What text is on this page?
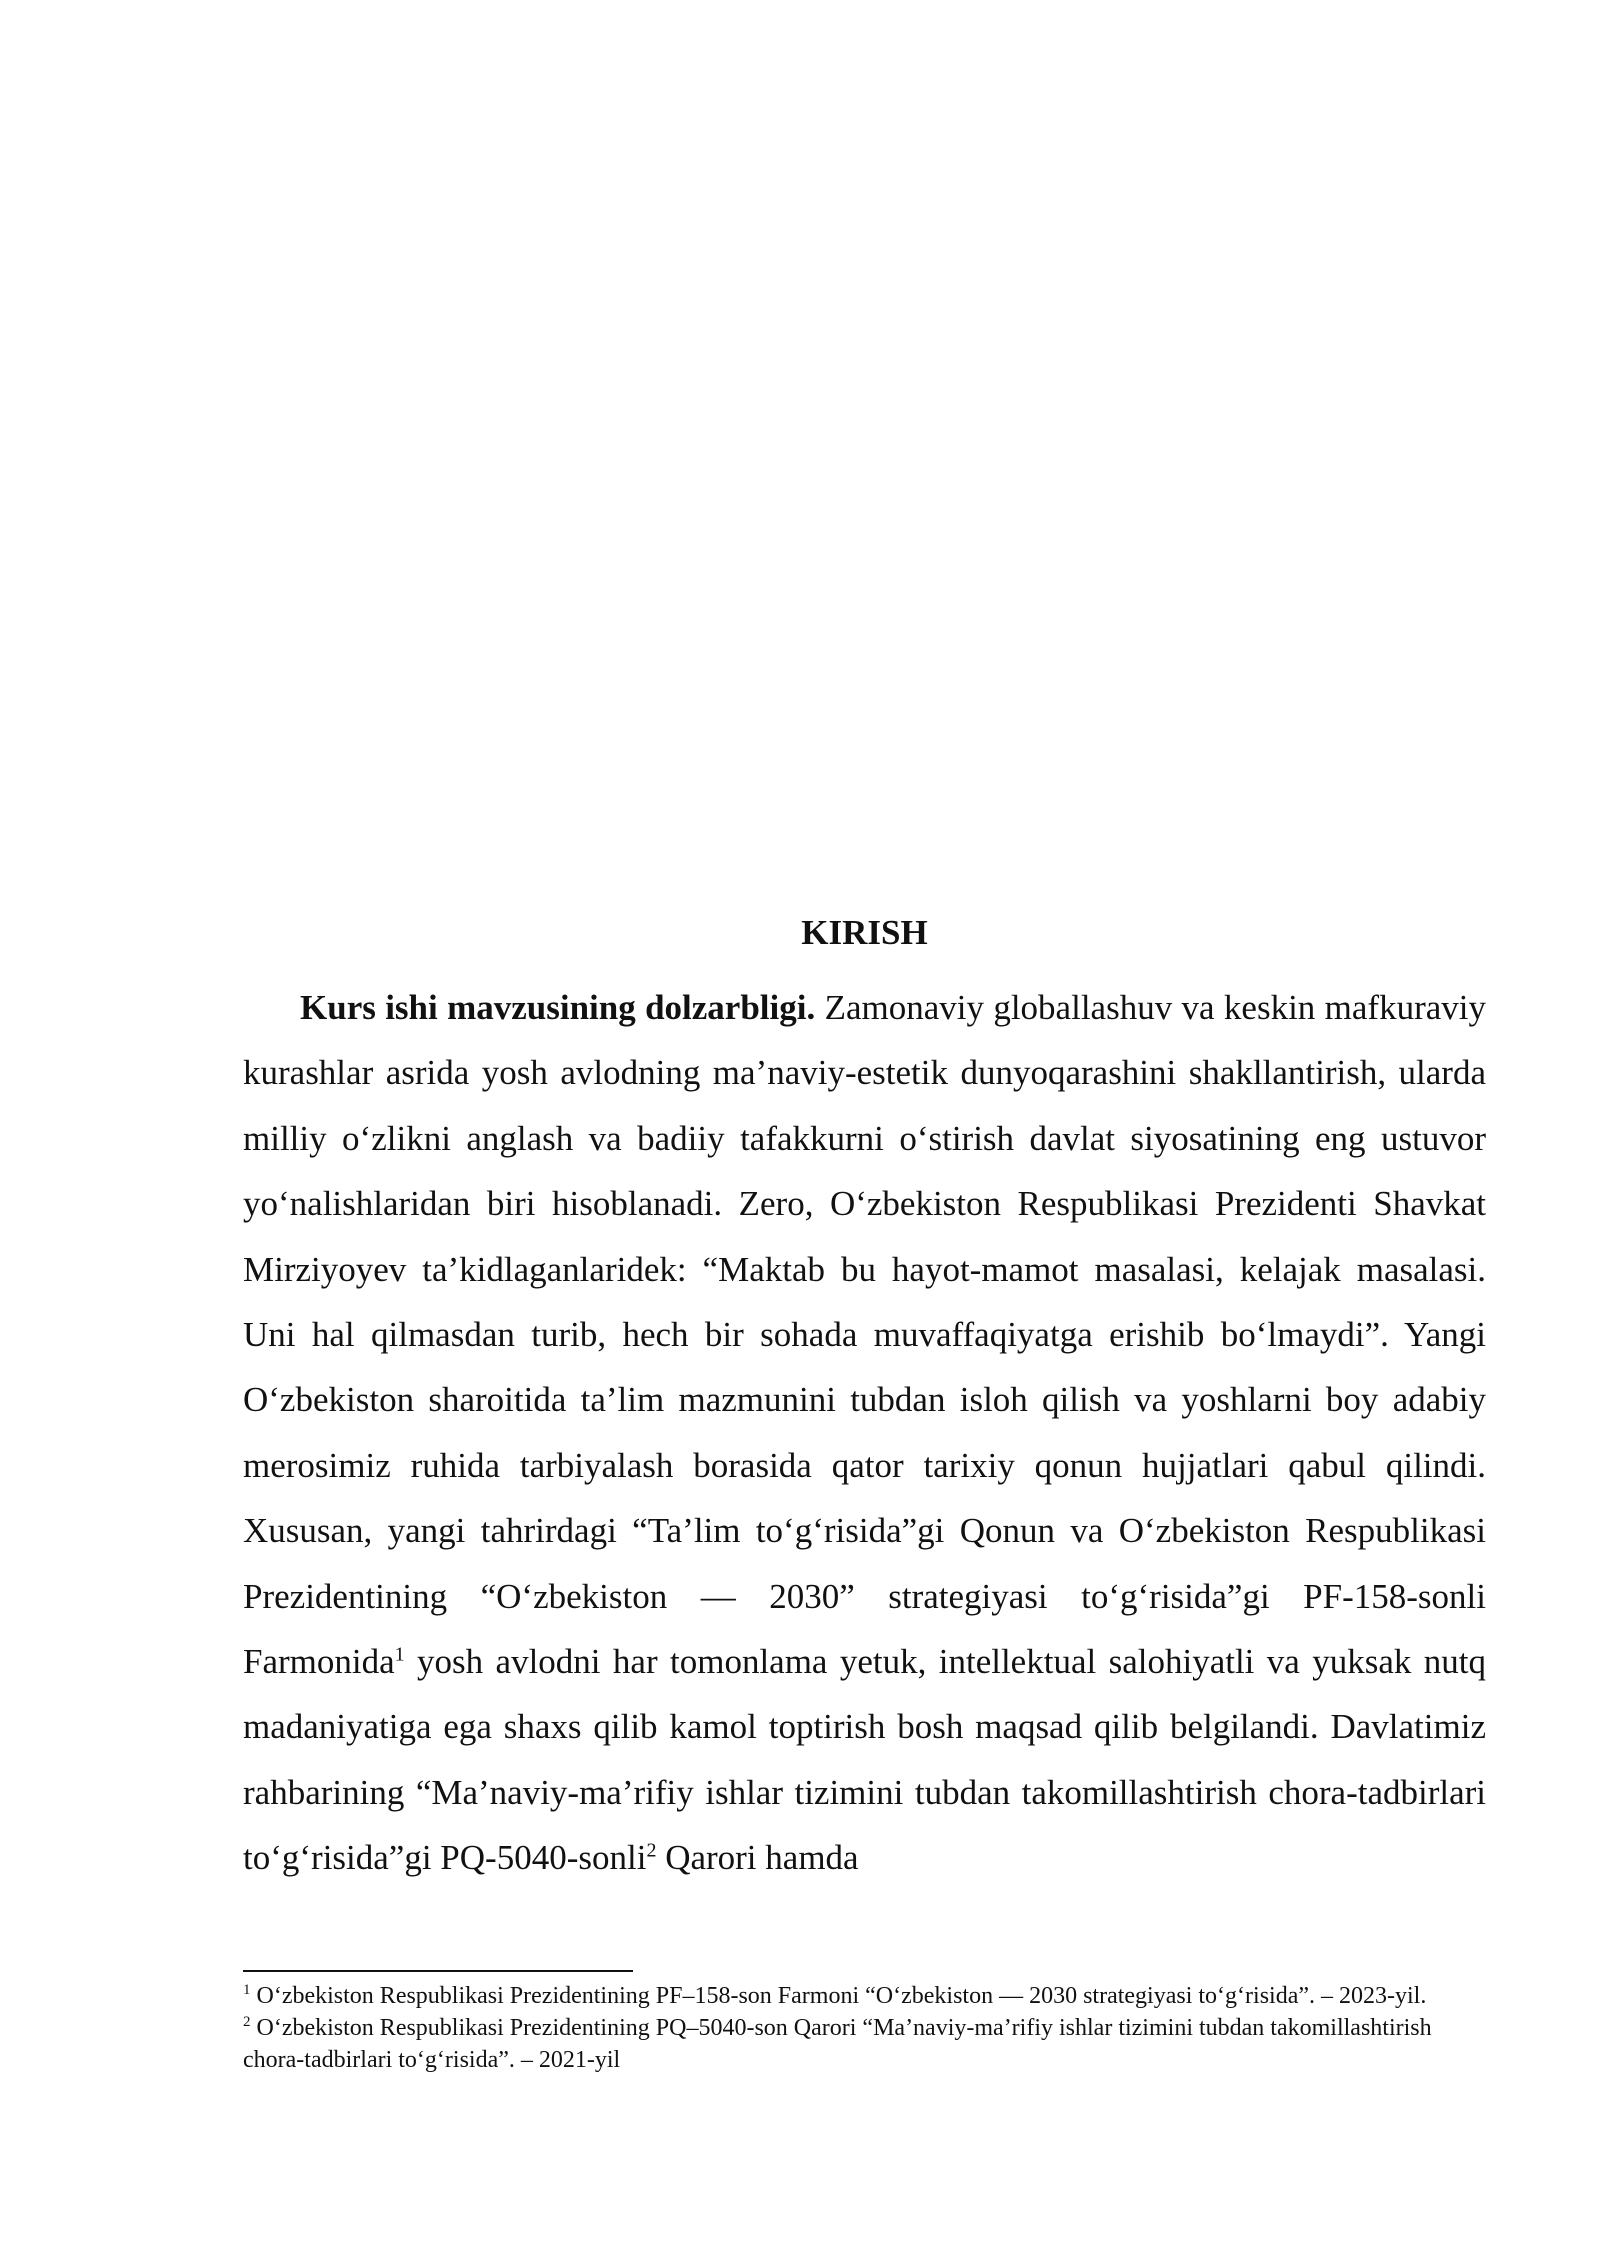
KIRISH

Kurs ishi mavzusining dolzarbligi. Zamonaviy globallashuv va keskin mafkuraviy kurashlar asrida yosh avlodning ma’naviy-estetik dunyoqarashini shakllantirish, ularda milliy o‘zlikni anglash va badiiy tafakkurni o‘stirish davlat siyosatining eng ustuvor yo‘nalishlaridan biri hisoblanadi. Zero, O‘zbekiston Respublikasi Prezidenti Shavkat Mirziyoyev ta’kidlaganlaridek: “Maktab bu hayot-mamot masalasi, kelajak masalasi. Uni hal qilmasdan turib, hech bir sohada muvaffaqiyatga erishib bo‘lmaydi”. Yangi O‘zbekiston sharoitida ta’lim mazmunini tubdan isloh qilish va yoshlarni boy adabiy merosimiz ruhida tarbiyalash borasida qator tarixiy qonun hujjatlari qabul qilindi. Xususan, yangi tahrirdagi “Ta’lim to‘g‘risida”gi Qonun va O‘zbekiston Respublikasi Prezidentining “O‘zbekiston — 2030” strategiyasi to‘g‘risida”gi PF-158-sonli Farmonida$^1$ yosh avlodni har tomonlama yetuk, intellektual salohiyatli va yuksak nutq madaniyatiga ega shaxs qilib kamol toptirish bosh maqsad qilib belgilandi. Davlatimiz rahbarining “Ma’naviy-ma’rifiy ishlar tizimini tubdan takomillashtirish chora-tadbirlari to‘g‘risida”gi PQ-5040-sonli$^2$ Qarori hamda

$^1$ O‘zbekiston Respublikasi Prezidentining PF–158-son Farmoni “O‘zbekiston — 2030 strategiyasi to‘g‘risida”. – 2023-yil.

$^2$ O‘zbekiston Respublikasi Prezidentining PQ–5040-son Qarori “Ma’naviy-ma’rifiy ishlar tizimini tubdan takomillashtirish chora-tadbirlari to‘g‘risida”. – 2021-yil
